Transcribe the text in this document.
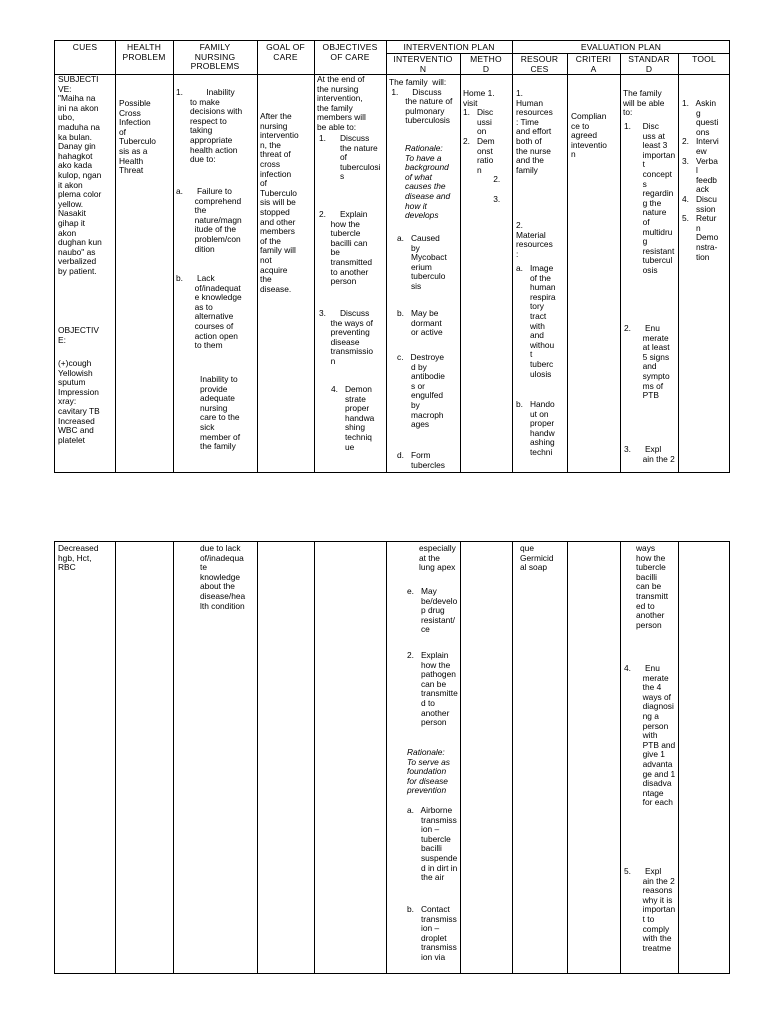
CUES	HEALTH
PROBLEM
FAMILY
NURSING
PROBLEMS
GOAL OF
CARE
OBJECTIVES
OF CARE
INTERVENTION PLAN	EVALUATION PLAN
INTERVENTIO
N
METHO
D
RESOUR
CES
CRITERI
A
STANDAR
D
TOOL
SUBJECTI
VE:
"Maiha na
ini na akon
ubo,
maduha na
ka bulan.
Danay gin
hahagkot
ako kada
kulop, ngan
it akon
plema color
yellow.
Nasakit
gihap it
akon
dughan kun
naubo" as
verbalized
by patient.
OBJECTIV
E:
(+)cough
Yellowish
sputum
Impression
xray:
cavitary TB
Increased
WBC and
platelet
Possible
Cross
Infection
of
Tuberculo
sis as a
Health
Threat
1.          Inability
to make
decisions with
respect to
taking
appropriate
health action
due to:
a.      Failure to
comprehend
the
nature/magn
itude of the
problem/con
dition
b.      Lack
of/inadequat
e knowledge
as to
alternative
courses of
action open
to them
Inability to
provide
adequate
nursing
care to the
sick
member of
the family
After the
nursing
interventio
n, the
threat of
cross
infection
of
Tuberculo
sis will be
stopped
and other
members
of the
family will
not
acquire
the
disease.
At the end of
the nursing
intervention,
the family
members will
be able to:
1.      Discuss
the nature
of
tuberculosi
s
2.      Explain
how the
tubercle
bacilli can
be
transmitted
to another
person
3.      Discuss
the ways of
preventing
disease
transmissio
n
4.   Demon
strate
proper
handwa
shing
techniq
ue
The family  will:
1.      Discuss
the nature of
pulmonary
tuberculosis
Rationale:
To have a
background
of what
causes the
disease and
how it
develops
a.   Caused
by
Mycobact
erium
tuberculo
sis
b.   May be
dormant
or active
c.   Destroye
d by
antibodie
s or
engulfed
by
macroph
ages
d.   Form
tubercles
Home 1.
visit
1.   Disc
ussi
on
2.   Dem
onst
ratio
n
2.

3.
1.
Human
resources
: Time
and effort
both of
the nurse
and the
family
2.
Material
resources
:
a.   Image
of the
human
respira
tory
tract
with
and
withou
t
tuberc
ulosis
b.   Hando
ut on
proper
handw
ashing
techni
Complian
ce to
agreed
inteventio
n
The family
will be able
to:
1.     Disc
uss at
least 3
importan
t
concept
s
regardin
g the
nature
of
multidru
g
resistant
tubercul
osis
2.      Enu
merate
at least
5 signs
and
sympto
ms of
PTB
3.      Expl
ain the 2
1.   Askin
g
questi
ons
2.   Intervi
ew
3.   Verba
l
feedb
ack
4.   Discu
ssion
5.   Retur
n
Demo
nstra-
tion
Decreased
hgb, Hct,
RBC
due to lack
of/inadequa
te
knowledge
about the
disease/hea
lth condition
especially
at the
lung apex
e.   May
be/develo
p drug
resistant/
ce
2.   Explain
how the
pathogen
can be
transmitte
d to
another
person
Rationale:
To serve as
foundation
for disease
prevention
a.   Airborne
transmiss
ion –
tubercle
bacilli
suspende
d in dirt in
the air
b.   Contact
transmiss
ion –
droplet
transmiss
ion via
que
Germicid
al soap
ways
how the
tubercle
bacilli
can be
transmitt
ed to
another
person
4.      Enu
merate
the 4
ways of
diagnosi
ng a
person
with
PTB and
give 1
advanta
ge and 1
disadva
ntage
for each
5.      Expl
ain the 2
reasons
why it is
importan
t to
comply
with the
treatme
